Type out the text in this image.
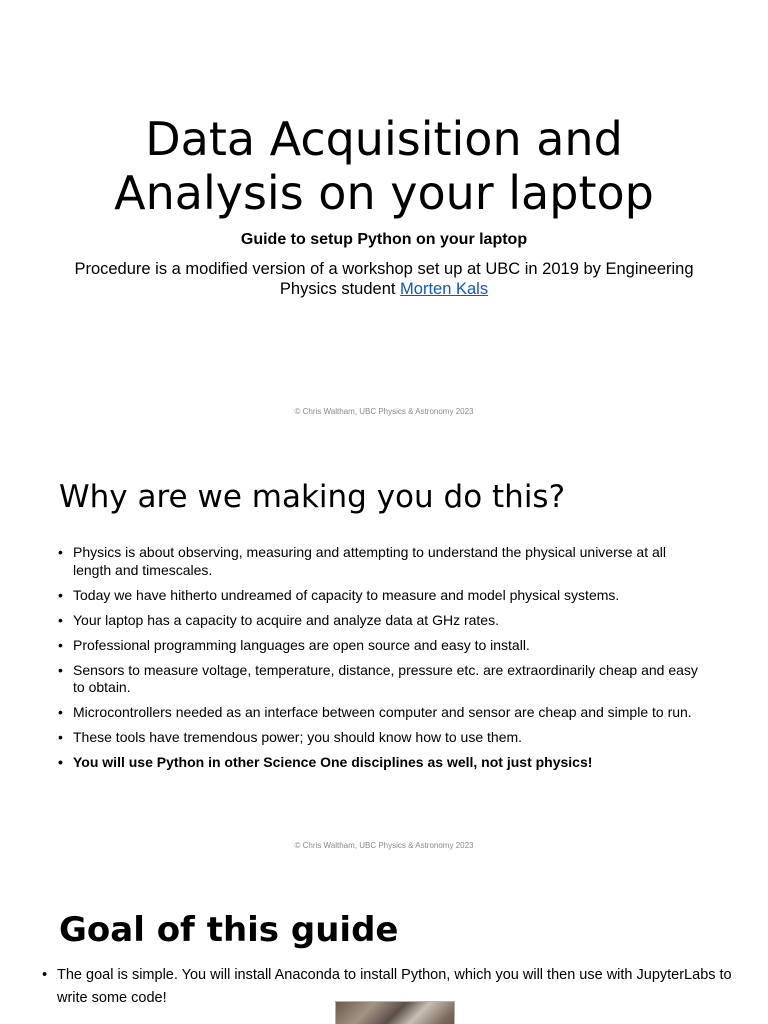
Data Acquisition and
Analysis on your laptop
Guide to setup Python on your laptop
Procedure is a modified version of a workshop set up at UBC in 2019 by Engineering Physics student Morten Kals
© Chris Waltham, UBC Physics & Astronomy 2023
Why are we making you do this?
• Physics is about observing, measuring and attempting to understand the physical universe at all length and timescales.
• Today we have hitherto undreamed of capacity to measure and model physical systems.
• Your laptop has a capacity to acquire and analyze data at GHz rates.
• Professional programming languages are open source and easy to install.
• Sensors to measure voltage, temperature, distance, pressure etc. are extraordinarily cheap and easy to obtain.
• Microcontrollers needed as an interface between computer and sensor are cheap and simple to run.
• These tools have tremendous power; you should know how to use them.
• You will use Python in other Science One disciplines as well, not just physics!
© Chris Waltham, UBC Physics & Astronomy 2023
Goal of this guide
• The goal is simple. You will install Anaconda to install Python, which you will then use with JupyterLabs to write some code!
